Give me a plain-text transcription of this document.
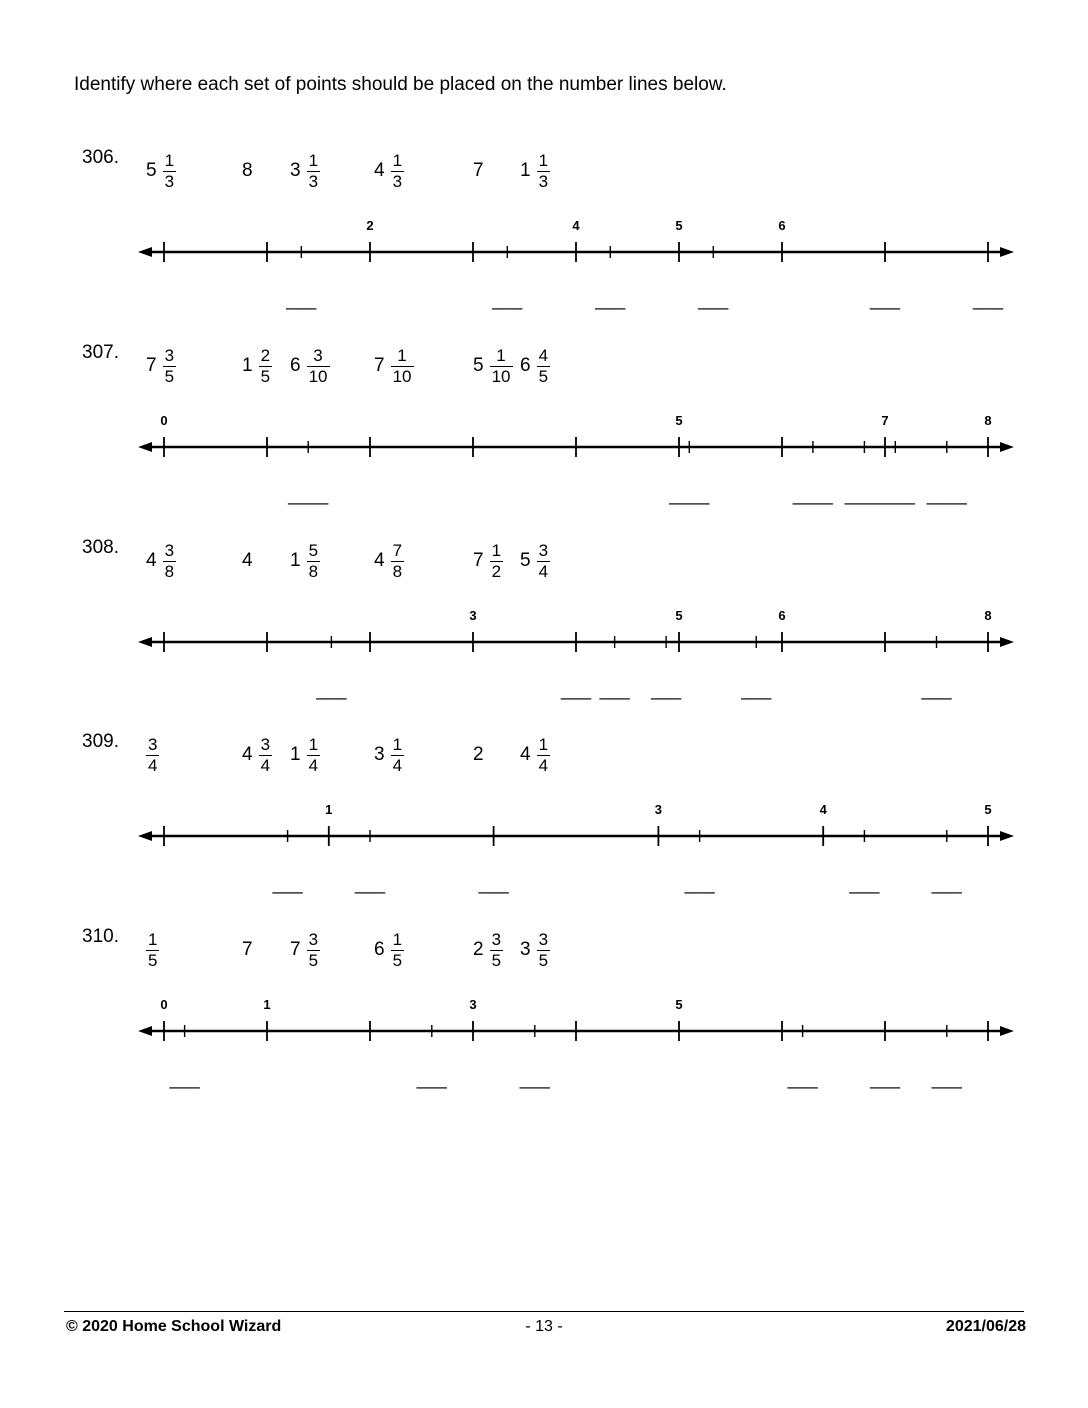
Identify where each set of points should be placed on the number lines below.
306.
$5 \frac{1}{3}$	8 $3 \frac{1}{3}$	$4 \frac{1}{3}$	7 $1 \frac{1}{3}$
2	4	5	6
___	___	___	___	___	___
307.
$7 \frac{3}{5}$	$1 \frac{2}{5} 6 \frac{3}{10} 7 \frac{1}{10}$	$5 \frac{1}{10} 6 \frac{4}{5}$
0	5	7	8
____	____	____ _______ ____
308.
$4 \frac{3}{8}$	4 $1 \frac{5}{8}$	$4 \frac{7}{8}$	$7 \frac{1}{2} 5 \frac{3}{4}$
3	5	6	8
___	___ ___ ___	___	___
309. $\frac{3}{4}$	$4 \frac{3}{4} 1 \frac{1}{4}$	$3 \frac{1}{4}$	2 $4 \frac{1}{4}$
1	3	4	5
___	___	___	___	___	___
310. $\frac{1}{5}$	7 $7 \frac{3}{5}$	$6 \frac{1}{5}$	$2 \frac{3}{5} 3 \frac{3}{5}$
0	1	3	5
___	___	___	___	___ ___
© 2020 Home School Wizard	- 13 -	2021/06/28
